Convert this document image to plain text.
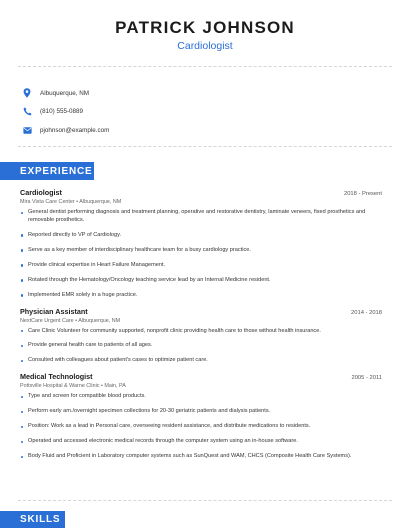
PATRICK JOHNSON
Cardiologist
Albuquerque, NM
(810) 555-0889
pjohnson@example.com
EXPERIENCE
Cardiologist	2018 - Present
Mira Vista Care Center • Albuquerque, NM
General dentist performing diagnosis and treatment planning, operative and restorative dentistry, laminate veneers, fixed prosthetics and removable prosthetics.
Reported directly to VP of Cardiology.
Serve as a key member of interdisciplinary healthcare team for a busy cardiology practice.
Provide clinical expertise in Heart Failure Management.
Rotated through the Hematology/Oncology teaching service lead by an Internal Medicine resident.
Implemented EMR solely in a huge practice.
Physician Assistant	2014 - 2018
NextCare Urgent Care • Albuquerque, NM
Care Clinic Volunteer for community supported, nonprofit clinic providing health care to those without health insurance.
Provide general health care to patients of all ages.
Consulted with colleagues about patient's cases to optimize patient care.
Medical Technologist	2005 - 2011
Pottsville Hospital & Warne Clinic • Main, PA
Type and screen for compatible blood products.
Perform early am./overnight specimen collections for 20-30 geriatric patients and dialysis patients.
Position: Work as a lead in Personal care, overseeing resident assistance, and distribute medications to residents.
Operated and accessed electronic medical records through the computer system using an in-house software.
Body Fluid and Proficient in Laboratory computer systems such as SunQuest and WAM, CHCS (Composite Health Care Systems).
SKILLS
